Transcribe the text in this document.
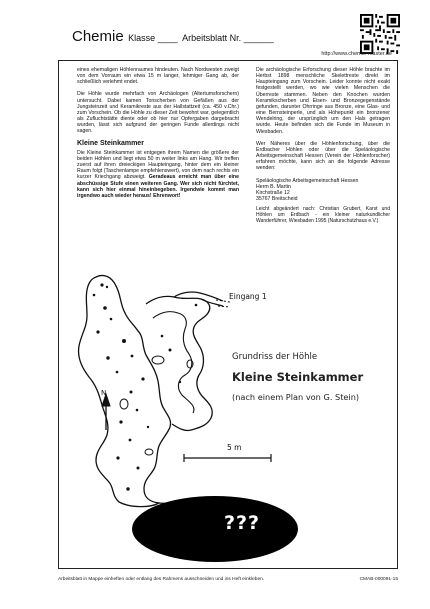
Chemie Klasse ____ Arbeitsblatt Nr. ______
http://www.chemie-master.de

eines ehemaligen Höhlenraumes hindeuten. Nach Nordwesten zweigt von dem Vorraum ein etwa 15 m langer, lehmiger Gang ab, der schließlich verlehmt endet.

Die Höhle wurde mehrfach von Archäologen (Altertumsforschern) untersucht. Dabei kamen Tonscherben von Gefäßen aus der Jungsteinzeit und Keramikreste aus der Hallstattzeit (ca. 450 v.Chr.) zum Vorschein. Ob die Höhle zu dieser Zeit bewohnt war, gelegentlich als Zufluchtstätte diente oder ob hier nur Opfergaben dargebracht wurden, lässt sich aufgrund der geringen Funde allerdings nicht sagen.

Kleine Steinkammer

Die Kleine Steinkammer ist entgegen ihrem Namen die größere der beiden Höhlen und liegt etwa 50 m weiter links am Hang. Wir treffen zuerst auf ihren dreieckigen Haupteingang, hinter dem ein kleiner Raum folgt (Taschenlampe empfehlenswert), von dem nach rechts ein kurzer Kriechgang abzweigt. Geradeaus erreicht man über eine abschüssige Stufe einen weiteren Gang. Wer sich nicht fürchtet, kann sich hier einmal hineinbegeben. Irgendwie kommt man irgendwo auch wieder heraus! Ehrenwort!

Die archäologische Erforschung dieser Höhle brachte im Herbst 1898 menschliche Skelettreste direkt im Haupteingang zum Vorschein. Leider konnte nicht exakt festgestellt werden, wo wie vielen Menschen die Überreste stammen. Neben den Knochen wurden Keramikscherben und Eisen- und Bronzegegenstände gefunden, darunter Ohrringe aus Bronze, eine Glas- und eine Bernsteinperle, und als Höhepunkt ein bronzener Wendelring, der ursprünglich um den Hals getragen wurde. Heute befinden sich die Funde im Museum in Wiesbaden.

Wer Näheres über die Höhlenforschung, über die Erdbacher Höhlen oder über die Speläologische Arbeitsgemeinschaft Hessen (Verein der Höhlenforscher) erfahren möchte, kann sich an die folgende Adresse wenden:

Speläologische Arbeitsgemeinschaft Hessen
Herm B. Martin
Kirchstraße 12
35767 Breitscheid

Leicht abgeändert nach: Christian Grubert, Karst und Höhlen um Erdbach - ein kleiner naturkundlicher Wanderführer, Wiesbaden 1995 (Naturschutzhaus e.V.)

Eingang 1
N
5 m
???
Grundriss der Höhle
Kleine Steinkammer
(nach einem Plan von G. Stein)
Arbeitsblatt in Mappe einheften oder entlang des Rahmens ausschneiden und ins Heft einkleben.	CMAB-000091-15
